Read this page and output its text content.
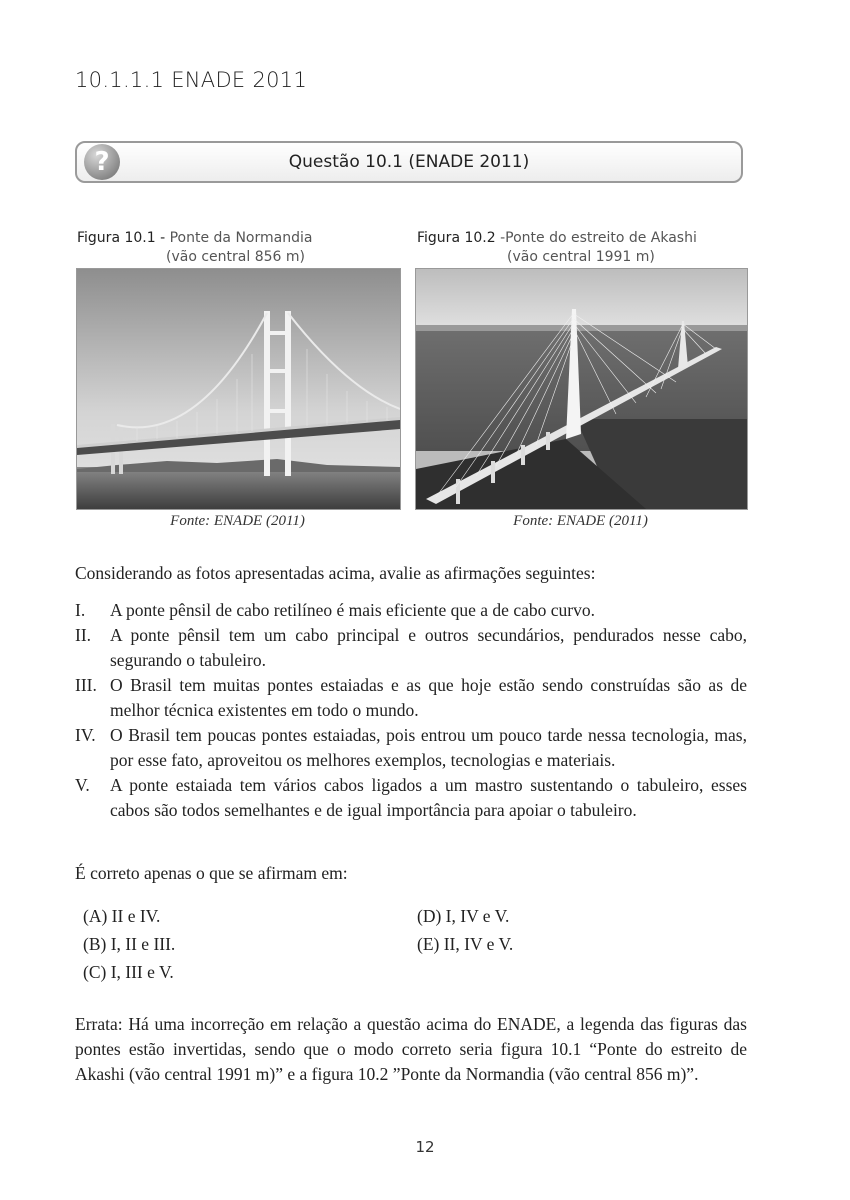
10.1.1.1 ENADE 2011
?	Questão 10.1 (ENADE 2011)
Figura 10.1 - Ponte da Normandia
(vão central 856 m)
Figura 10.2 -Ponte do estreito de Akashi
(vão central 1991 m)
Fonte: ENADE (2011)	Fonte: ENADE (2011)
Considerando as fotos apresentadas acima, avalie as afirmações seguintes:
I. A ponte pênsil de cabo retilíneo é mais eficiente que a de cabo curvo.
II. A ponte pênsil tem um cabo principal e outros secundários, pendurados nesse cabo, segurando o tabuleiro.
III. O Brasil tem muitas pontes estaiadas e as que hoje estão sendo construídas são as de melhor técnica existentes em todo o mundo.
IV. O Brasil tem poucas pontes estaiadas, pois entrou um pouco tarde nessa tecnologia, mas, por esse fato, aproveitou os melhores exemplos, tecnologias e materiais.
V. A ponte estaiada tem vários cabos ligados a um mastro sustentando o tabuleiro, esses cabos são todos semelhantes e de igual importância para apoiar o tabuleiro.
É correto apenas o que se afirmam em:
(A) II e IV.
(B) I, II e III.
(C) I, III e V.
(D) I, IV e V.
(E) II, IV e V.
Errata: Há uma incorreção em relação a questão acima do ENADE, a legenda das figuras das pontes estão invertidas, sendo que o modo correto seria figura 10.1 “Ponte do estreito de Akashi (vão central 1991 m)” e a figura 10.2 ”Ponte da Normandia (vão central 856 m)”.
12
